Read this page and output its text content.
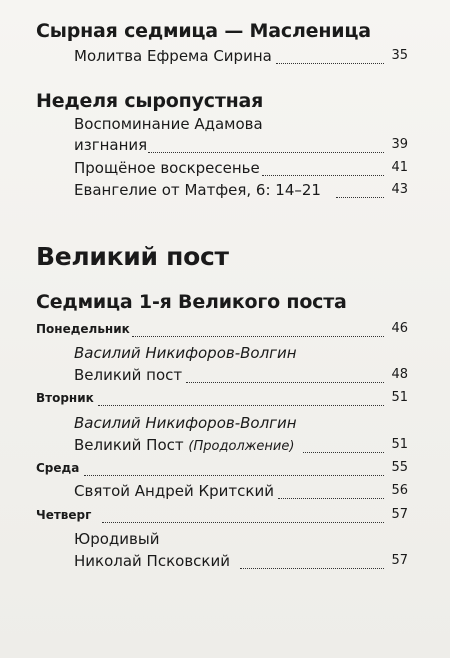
Сырная седмица — Масленица
Молитва Ефрема Сирина	35
Неделя сыропустная
Воспоминание Адамова
изгнания	39
Прощёное воскресенье	41
Евангелие от Матфея, 6: 14–21	43
Великий пост
Седмица 1-я Великого поста
Понедельник	46
Василий Никифоров-Волгин
Великий пост	48
Вторник	51
Василий Никифоров-Волгин
Великий Пост (Продолжение)	51
Среда	55
Святой Андрей Критский	56
Четверг	57
Юродивый
Николай Псковский	57
